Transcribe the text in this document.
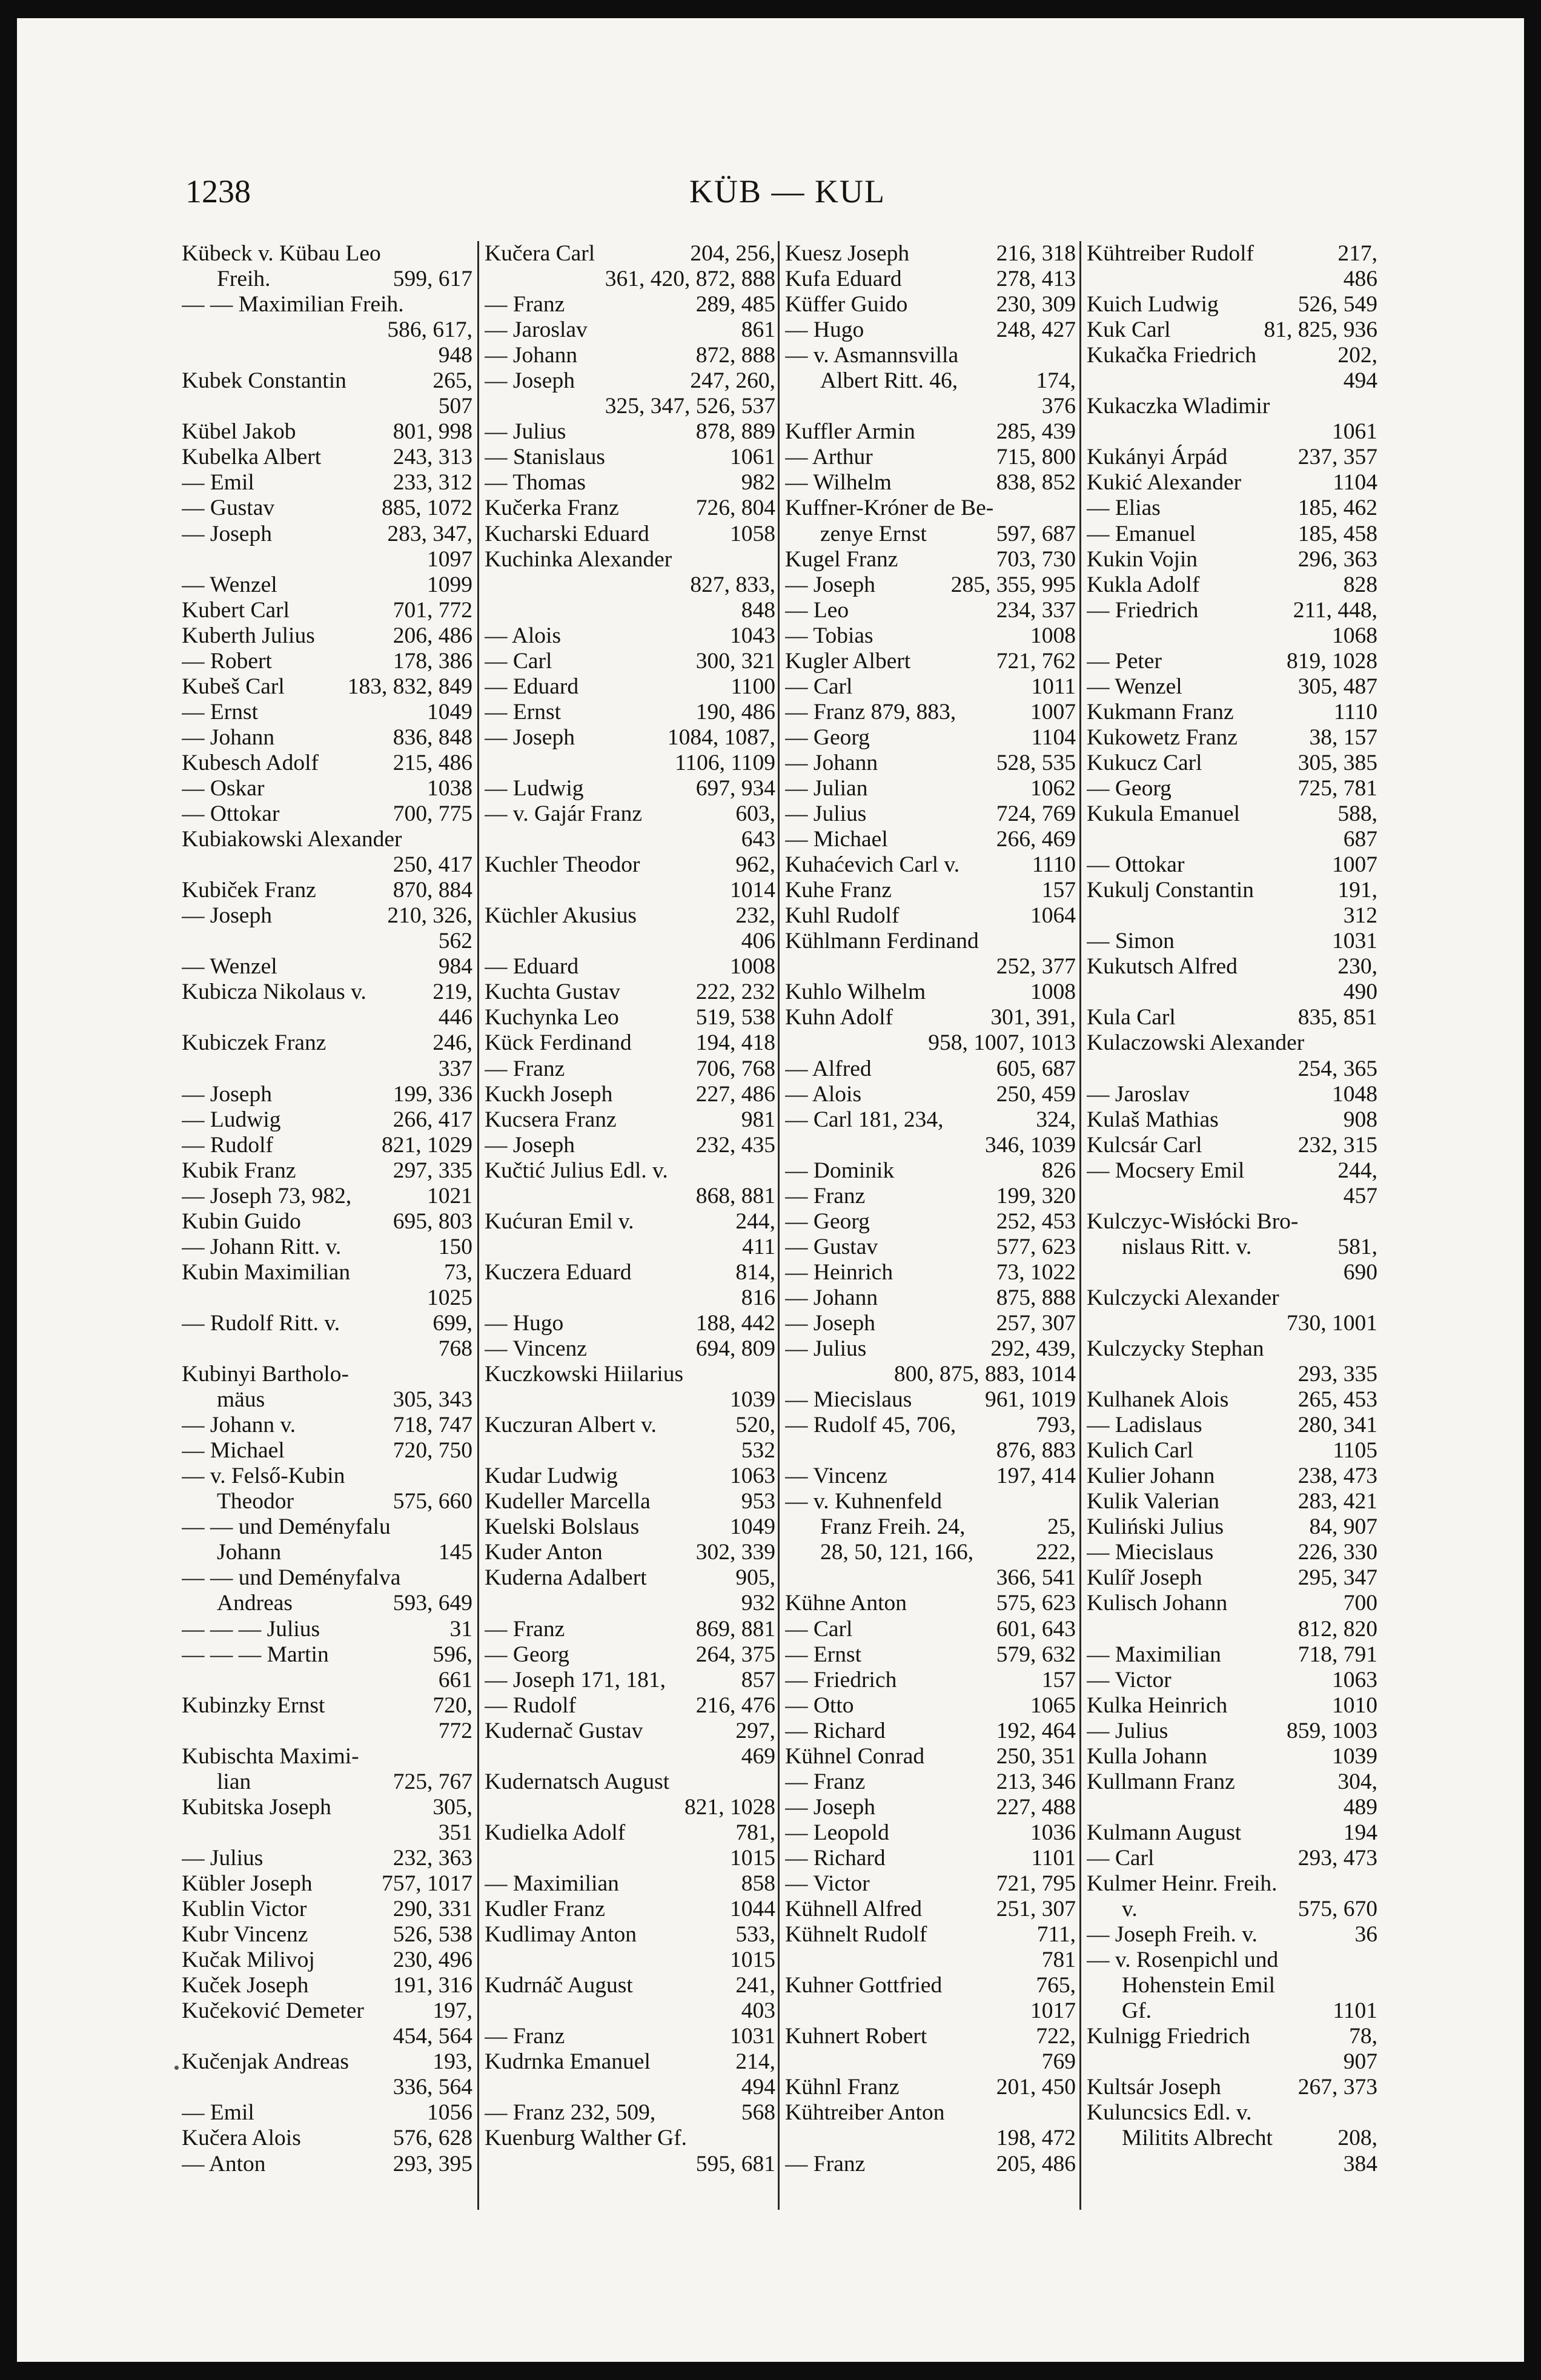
1238	KÜB — KUL
Kübeck v. Kübau Leo
Freih.	599, 617
— — Maximilian Freih.
586, 617,
948
Kubek Constantin	265,
507
Kübel Jakob	801, 998
Kubelka Albert	243, 313
— Emil	233, 312
— Gustav	885, 1072
— Joseph	283, 347,
1097
— Wenzel	1099
Kubert Carl	701, 772
Kuberth Julius	206, 486
— Robert	178, 386
Kubeš Carl	183, 832, 849
— Ernst	1049
— Johann	836, 848
Kubesch Adolf	215, 486
— Oskar	1038
— Ottokar	700, 775
Kubiakowski Alexander
250, 417
Kubiček Franz	870, 884
— Joseph	210, 326,
562
— Wenzel	984
Kubicza Nikolaus v.	219,
446
Kubiczek Franz	246,
337
— Joseph	199, 336
— Ludwig	266, 417
— Rudolf	821, 1029
Kubik Franz	297, 335
— Joseph 73, 982,	1021
Kubin Guido	695, 803
— Johann Ritt. v.	150
Kubin Maximilian	73,
1025
— Rudolf Ritt. v.	699,
768
Kubinyi Bartholo-
mäus	305, 343
— Johann v.	718, 747
— Michael	720, 750
— v. Felső-Kubin
Theodor	575, 660
— — und Deményfalu
Johann	145
— — und Deményfalva
Andreas	593, 649
— — — Julius	31
— — — Martin	596,
661
Kubinzky Ernst	720,
772
Kubischta Maximi-
lian	725, 767
Kubitska Joseph	305,
351
— Julius	232, 363
Kübler Joseph	757, 1017
Kublin Victor	290, 331
Kubr Vincenz	526, 538
Kučak Milivoj	230, 496
Kuček Joseph	191, 316
Kučeković Demeter	197,
454, 564
Kučenjak Andreas	193,
336, 564
— Emil	1056
Kučera Alois	576, 628
— Anton	293, 395
Kučera Carl	204, 256,
361, 420, 872, 888
— Franz	289, 485
— Jaroslav	861
— Johann	872, 888
— Joseph	247, 260,
325, 347, 526, 537
— Julius	878, 889
— Stanislaus	1061
— Thomas	982
Kučerka Franz	726, 804
Kucharski Eduard	1058
Kuchinka Alexander
827, 833,
848
— Alois	1043
— Carl	300, 321
— Eduard	1100
— Ernst	190, 486
— Joseph	1084, 1087,
1106, 1109
— Ludwig	697, 934
— v. Gajár Franz	603,
643
Kuchler Theodor	962,
1014
Küchler Akusius	232,
406
— Eduard	1008
Kuchta Gustav	222, 232
Kuchynka Leo	519, 538
Kück Ferdinand	194, 418
— Franz	706, 768
Kuckh Joseph	227, 486
Kucsera Franz	981
— Joseph	232, 435
Kučtić Julius Edl. v.
868, 881
Kućuran Emil v.	244,
411
Kuczera Eduard	814,
816
— Hugo	188, 442
— Vincenz	694, 809
Kuczkowski Hiilarius
1039
Kuczuran Albert v.	520,
532
Kudar Ludwig	1063
Kudeller Marcella	953
Kuelski Bolslaus	1049
Kuder Anton	302, 339
Kuderna Adalbert	905,
932
— Franz	869, 881
— Georg	264, 375
— Joseph 171, 181,	857
— Rudolf	216, 476
Kudernač Gustav	297,
469
Kudernatsch August
821, 1028
Kudielka Adolf	781,
1015
— Maximilian	858
Kudler Franz	1044
Kudlimay Anton	533,
1015
Kudrnáč August	241,
403
— Franz	1031
Kudrnka Emanuel	214,
494
— Franz 232, 509,	568
Kuenburg Walther Gf.
595, 681
Kuesz Joseph	216, 318
Kufa Eduard	278, 413
Küffer Guido	230, 309
— Hugo	248, 427
— v. Asmannsvilla
Albert Ritt. 46,	174,
376
Kuffler Armin	285, 439
— Arthur	715, 800
— Wilhelm	838, 852
Kuffner-Króner de Be-
zenye Ernst	597, 687
Kugel Franz	703, 730
— Joseph	285, 355, 995
— Leo	234, 337
— Tobias	1008
Kugler Albert	721, 762
— Carl	1011
— Franz 879, 883,	1007
— Georg	1104
— Johann	528, 535
— Julian	1062
— Julius	724, 769
— Michael	266, 469
Kuhaćevich Carl v.	1110
Kuhe Franz	157
Kuhl Rudolf	1064
Kühlmann Ferdinand
252, 377
Kuhlo Wilhelm	1008
Kuhn Adolf	301, 391,
958, 1007, 1013
— Alfred	605, 687
— Alois	250, 459
— Carl 181, 234,	324,
346, 1039
— Dominik	826
— Franz	199, 320
— Georg	252, 453
— Gustav	577, 623
— Heinrich	73, 1022
— Johann	875, 888
— Joseph	257, 307
— Julius	292, 439,
800, 875, 883, 1014
— Miecislaus	961, 1019
— Rudolf 45, 706,	793,
876, 883
— Vincenz	197, 414
— v. Kuhnenfeld
Franz Freih. 24,	25,
28, 50, 121, 166,	222,
366, 541
Kühne Anton	575, 623
— Carl	601, 643
— Ernst	579, 632
— Friedrich	157
— Otto	1065
— Richard	192, 464
Kühnel Conrad	250, 351
— Franz	213, 346
— Joseph	227, 488
— Leopold	1036
— Richard	1101
— Victor	721, 795
Kühnell Alfred	251, 307
Kühnelt Rudolf	711,
781
Kuhner Gottfried	765,
1017
Kuhnert Robert	722,
769
Kühnl Franz	201, 450
Kühtreiber Anton
198, 472
— Franz	205, 486
Kühtreiber Rudolf	217,
486
Kuich Ludwig	526, 549
Kuk Carl	81, 825, 936
Kukačka Friedrich	202,
494
Kukaczka Wladimir
1061
Kukányi Árpád	237, 357
Kukić Alexander	1104
— Elias	185, 462
— Emanuel	185, 458
Kukin Vojin	296, 363
Kukla Adolf	828
— Friedrich	211, 448,
1068
— Peter	819, 1028
— Wenzel	305, 487
Kukmann Franz	1110
Kukowetz Franz	38, 157
Kukucz Carl	305, 385
— Georg	725, 781
Kukula Emanuel	588,
687
— Ottokar	1007
Kukulj Constantin	191,
312
— Simon	1031
Kukutsch Alfred	230,
490
Kula Carl	835, 851
Kulaczowski Alexander
254, 365
— Jaroslav	1048
Kulaš Mathias	908
Kulcsár Carl	232, 315
— Mocsery Emil	244,
457
Kulczyc-Wisłócki Bro-
nislaus Ritt. v.	581,
690
Kulczycki Alexander
730, 1001
Kulczycky Stephan
293, 335
Kulhanek Alois	265, 453
— Ladislaus	280, 341
Kulich Carl	1105
Kulier Johann	238, 473
Kulik Valerian	283, 421
Kuliński Julius	84, 907
— Miecislaus	226, 330
Kulíř Joseph	295, 347
Kulisch Johann	700
812, 820
— Maximilian	718, 791
— Victor	1063
Kulka Heinrich	1010
— Julius	859, 1003
Kulla Johann	1039
Kullmann Franz	304,
489
Kulmann August	194
— Carl	293, 473
Kulmer Heinr. Freih.
v.	575, 670
— Joseph Freih. v.	36
— v. Rosenpichl und
Hohenstein Emil
Gf.	1101
Kulnigg Friedrich	78,
907
Kultsár Joseph	267, 373
Kuluncsics Edl. v.
Militits Albrecht	208,
384
